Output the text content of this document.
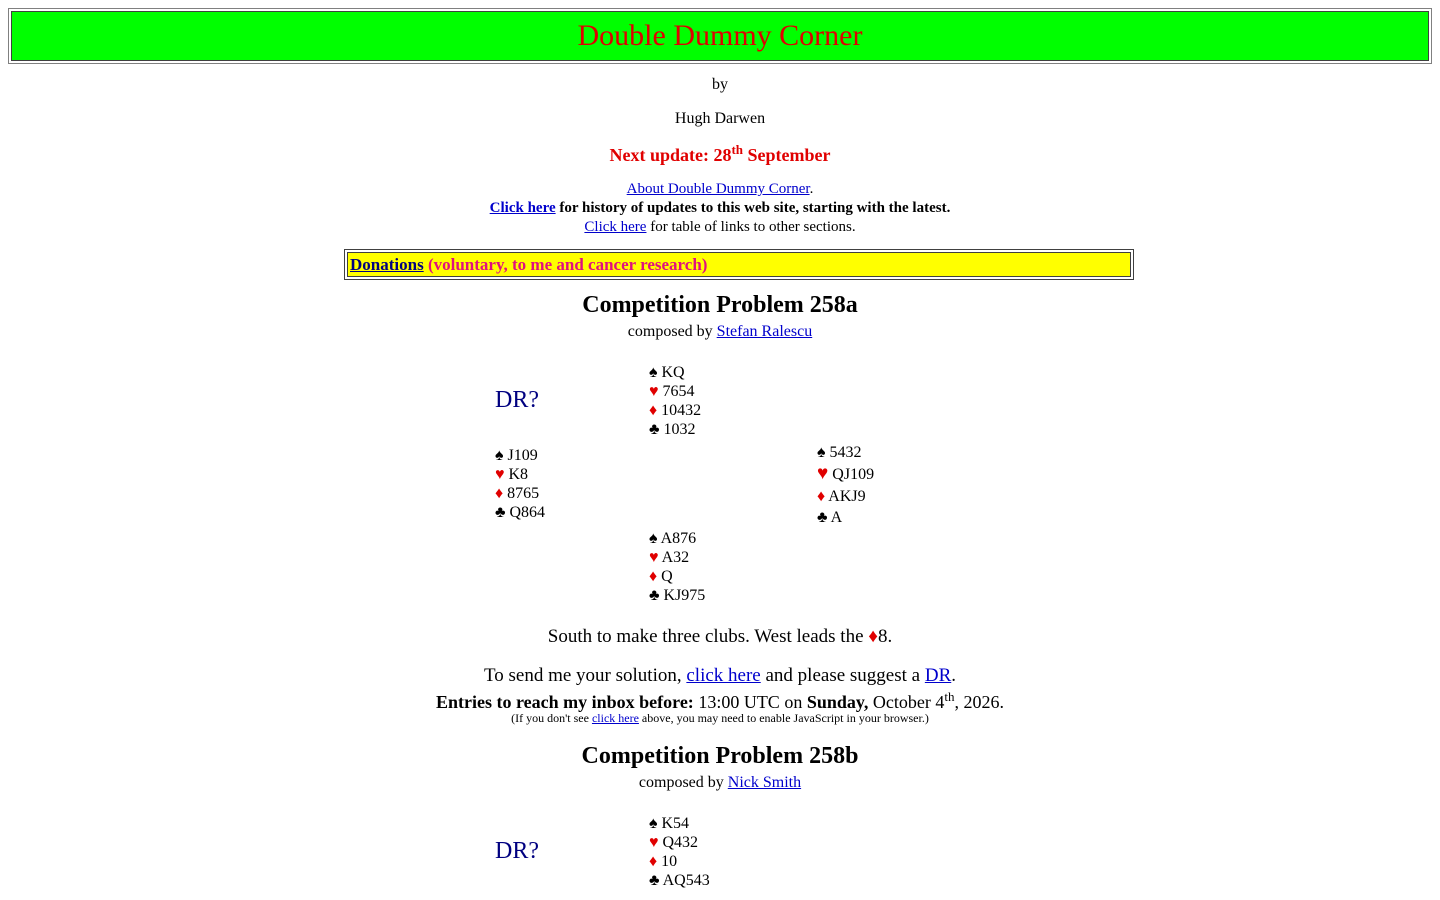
Double Dummy Corner
by
Hugh Darwen
Next update: 28th September
About Double Dummy Corner.
Click here for history of updates to this web site, starting with the latest.
Click here for table of links to other sections.
Donations (voluntary, to me and cancer research)
Competition Problem 258a
composed by Stefan Ralescu
DR?
♠ KQ
♥ 7654
♦ 10432
♣ 1032
♠ J109
♥ K8
♦ 8765
♣ Q864
♠ 5432
♥ QJ109
♦ AKJ9
♣ A
♠ A876
♥ A32
♦ Q
♣ KJ975
South to make three clubs. West leads the ♦8.
To send me your solution, click here and please suggest a DR.
Entries to reach my inbox before: 13:00 UTC on Sunday, October 4th, 2026.
(If you don't see click here above, you may need to enable JavaScript in your browser.)
Competition Problem 258b
composed by Nick Smith
DR?
♠ K54
♥ Q432
♦ 10
♣ AQ543
